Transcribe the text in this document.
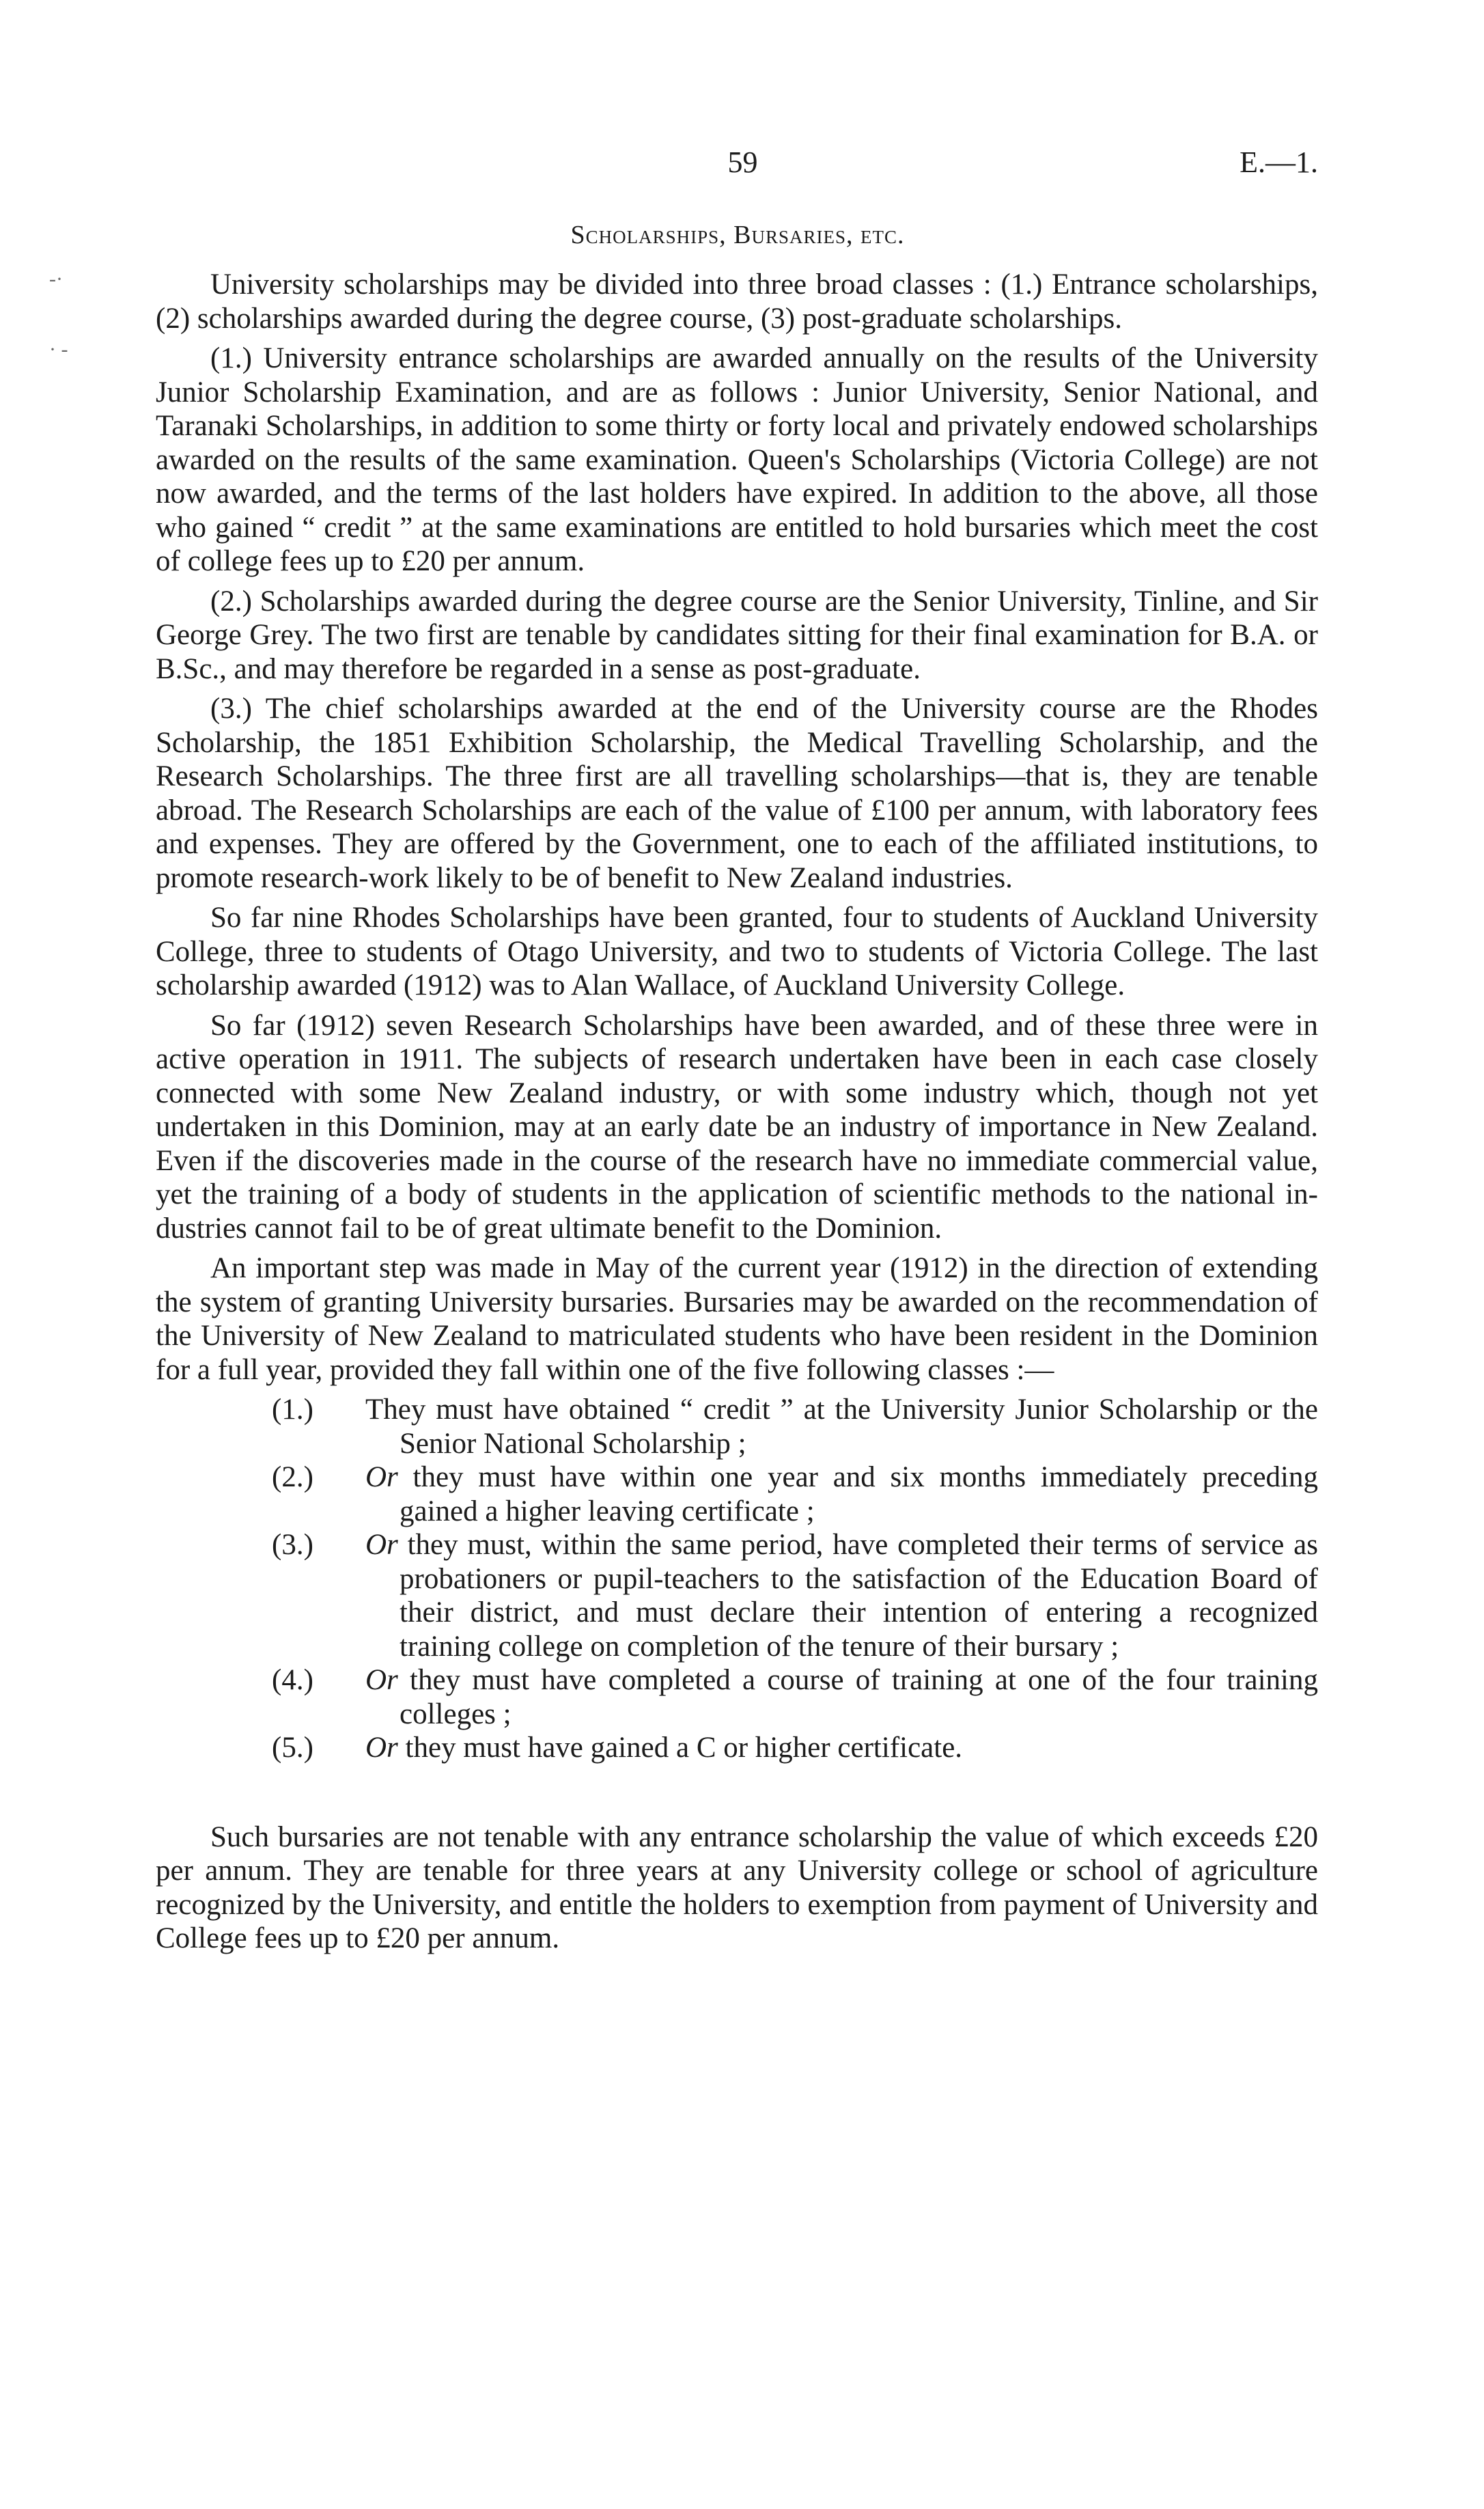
59	E.—1.
Scholarships, Bursaries, etc.

University scholarships may be divided into three broad classes : (1.) Entrance scholarships, (2) scholarships awarded during the degree course, (3) post-graduate scholarships.

(1.) University entrance scholarships are awarded annually on the results of the University Junior Scholarship Examination, and are as follows : Junior University, Senior National, and Taranaki Scholarships, in addition to some thirty or forty local and privately endowed scholarships awarded on the results of the same examination. Queen's Scholarships (Victoria College) are not now awarded, and the terms of the last holders have expired. In addition to the above, all those who gained “ credit ” at the same examinations are entitled to hold bursaries which meet the cost of college fees up to £20 per annum.

(2.) Scholarships awarded during the degree course are the Senior University, Tinline, and Sir George Grey. The two first are tenable by candidates sitting for their final examination for B.A. or B.Sc., and may therefore be regarded in a sense as post-graduate.

(3.) The chief scholarships awarded at the end of the University course are the Rhodes Scholarship, the 1851 Exhibition Scholarship, the Medical Travelling Scholarship, and the Research Scholarships. The three first are all travelling scholarships—that is, they are tenable abroad. The Research Scholarships are each of the value of £100 per annum, with laboratory fees and expenses. They are offered by the Government, one to each of the affiliated institutions, to promote research-work likely to be of benefit to New Zealand industries.

So far nine Rhodes Scholarships have been granted, four to students of Auckland University College, three to students of Otago University, and two to students of Victoria College. The last scholarship awarded (1912) was to Alan Wallace, of Auckland University College.

So far (1912) seven Research Scholarships have been awarded, and of these three were in active operation in 1911. The subjects of research undertaken have been in each case closely connected with some New Zealand industry, or with some industry which, though not yet undertaken in this Dominion, may at an early date be an industry of importance in New Zealand. Even if the discoveries made in the course of the research have no immediate commercial value, yet the training of a body of students in the application of scientific methods to the national industries cannot fail to be of great ultimate benefit to the Dominion.

An important step was made in May of the current year (1912) in the direction of extending the system of granting University bursaries. Bursaries may be awarded on the recommendation of the University of New Zealand to matriculated students who have been resident in the Dominion for a full year, provided they fall within one of the five following classes :—

(1.) They must have obtained “ credit ” at the University Junior Scholarship or the Senior National Scholarship ;
(2.) Or they must have within one year and six months immediately preceding gained a higher leaving certificate ;
(3.) Or they must, within the same period, have completed their terms of service as probationers or pupil-teachers to the satisfaction of the Education Board of their district, and must declare their intention of entering a recognized training college on completion of the tenure of their bursary ;
(4.) Or they must have completed a course of training at one of the four training colleges ;
(5.) Or they must have gained a C or higher certificate.

Such bursaries are not tenable with any entrance scholarship the value of which exceeds £20 per annum. They are tenable for three years at any University college or school of agriculture recognized by the University, and entitle the holders to exemption from payment of University and College fees up to £20 per annum.

‐·
· ‐
